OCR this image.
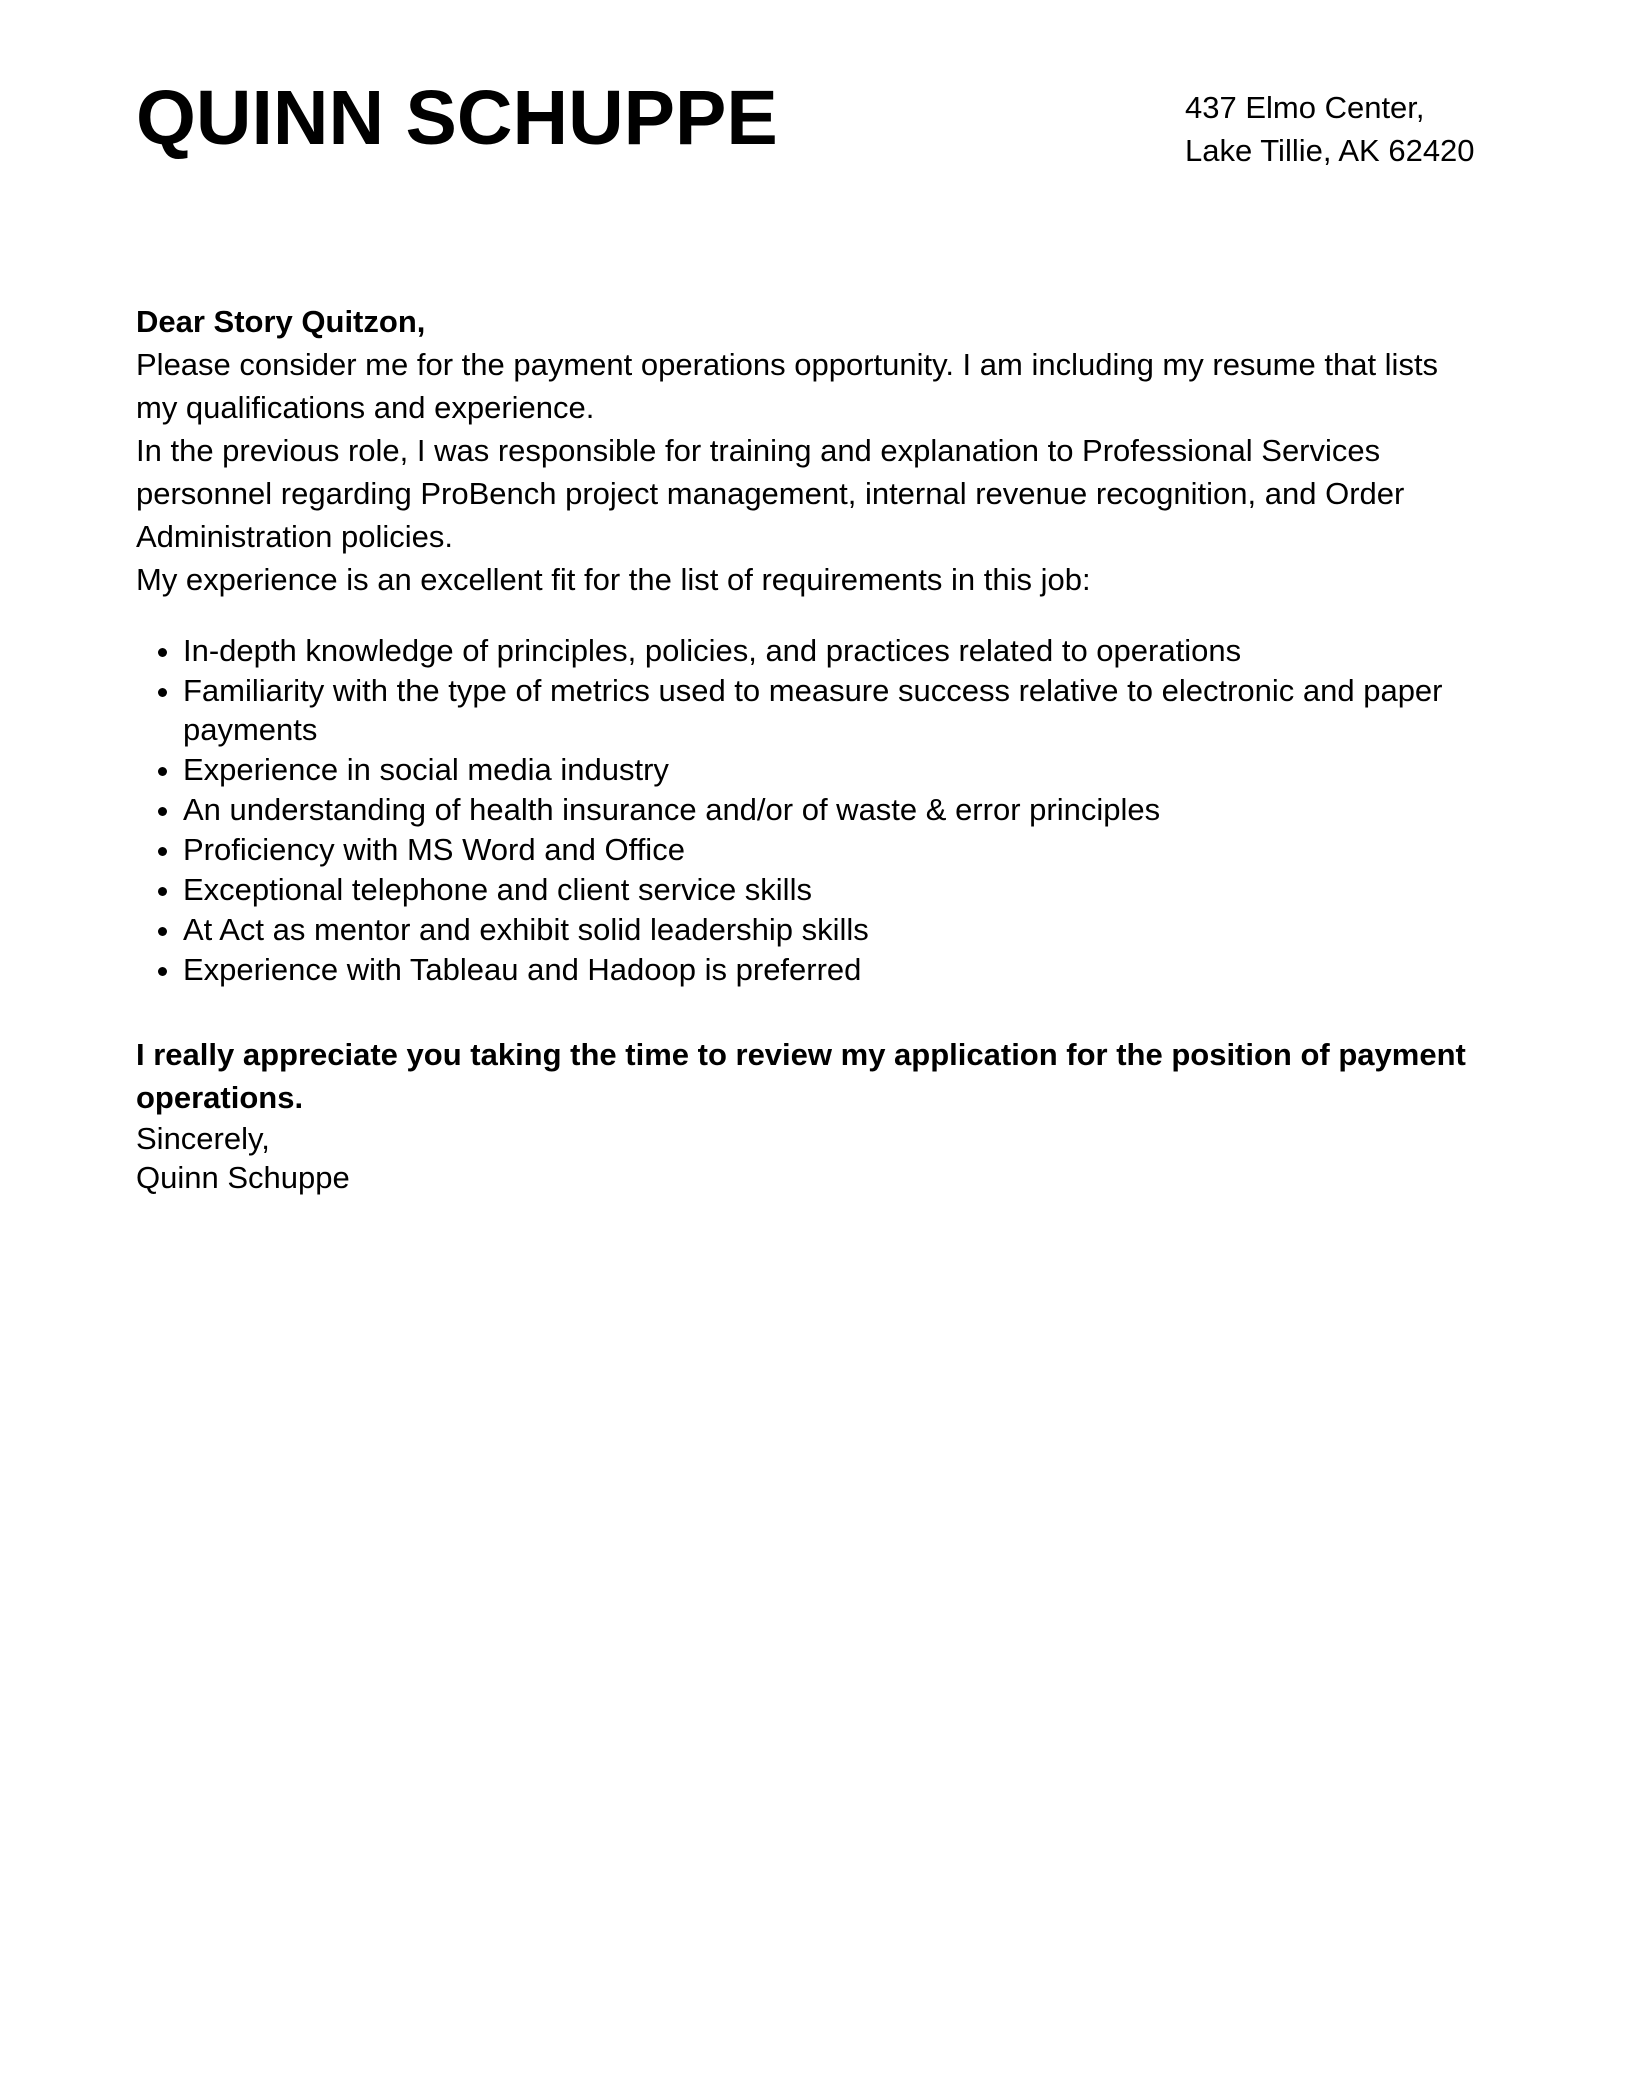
QUINN SCHUPPE	437 Elmo Center,
Lake Tillie, AK 62420

Dear Story Quitzon,

Please consider me for the payment operations opportunity. I am including my resume that lists my qualifications and experience.

In the previous role, I was responsible for training and explanation to Professional Services personnel regarding ProBench project management, internal revenue recognition, and Order Administration policies.

My experience is an excellent fit for the list of requirements in this job:

• In-depth knowledge of principles, policies, and practices related to operations
• Familiarity with the type of metrics used to measure success relative to electronic and paper payments
• Experience in social media industry
• An understanding of health insurance and/or of waste & error principles
• Proficiency with MS Word and Office
• Exceptional telephone and client service skills
• At Act as mentor and exhibit solid leadership skills
• Experience with Tableau and Hadoop is preferred

I really appreciate you taking the time to review my application for the position of payment operations.

Sincerely,
Quinn Schuppe
